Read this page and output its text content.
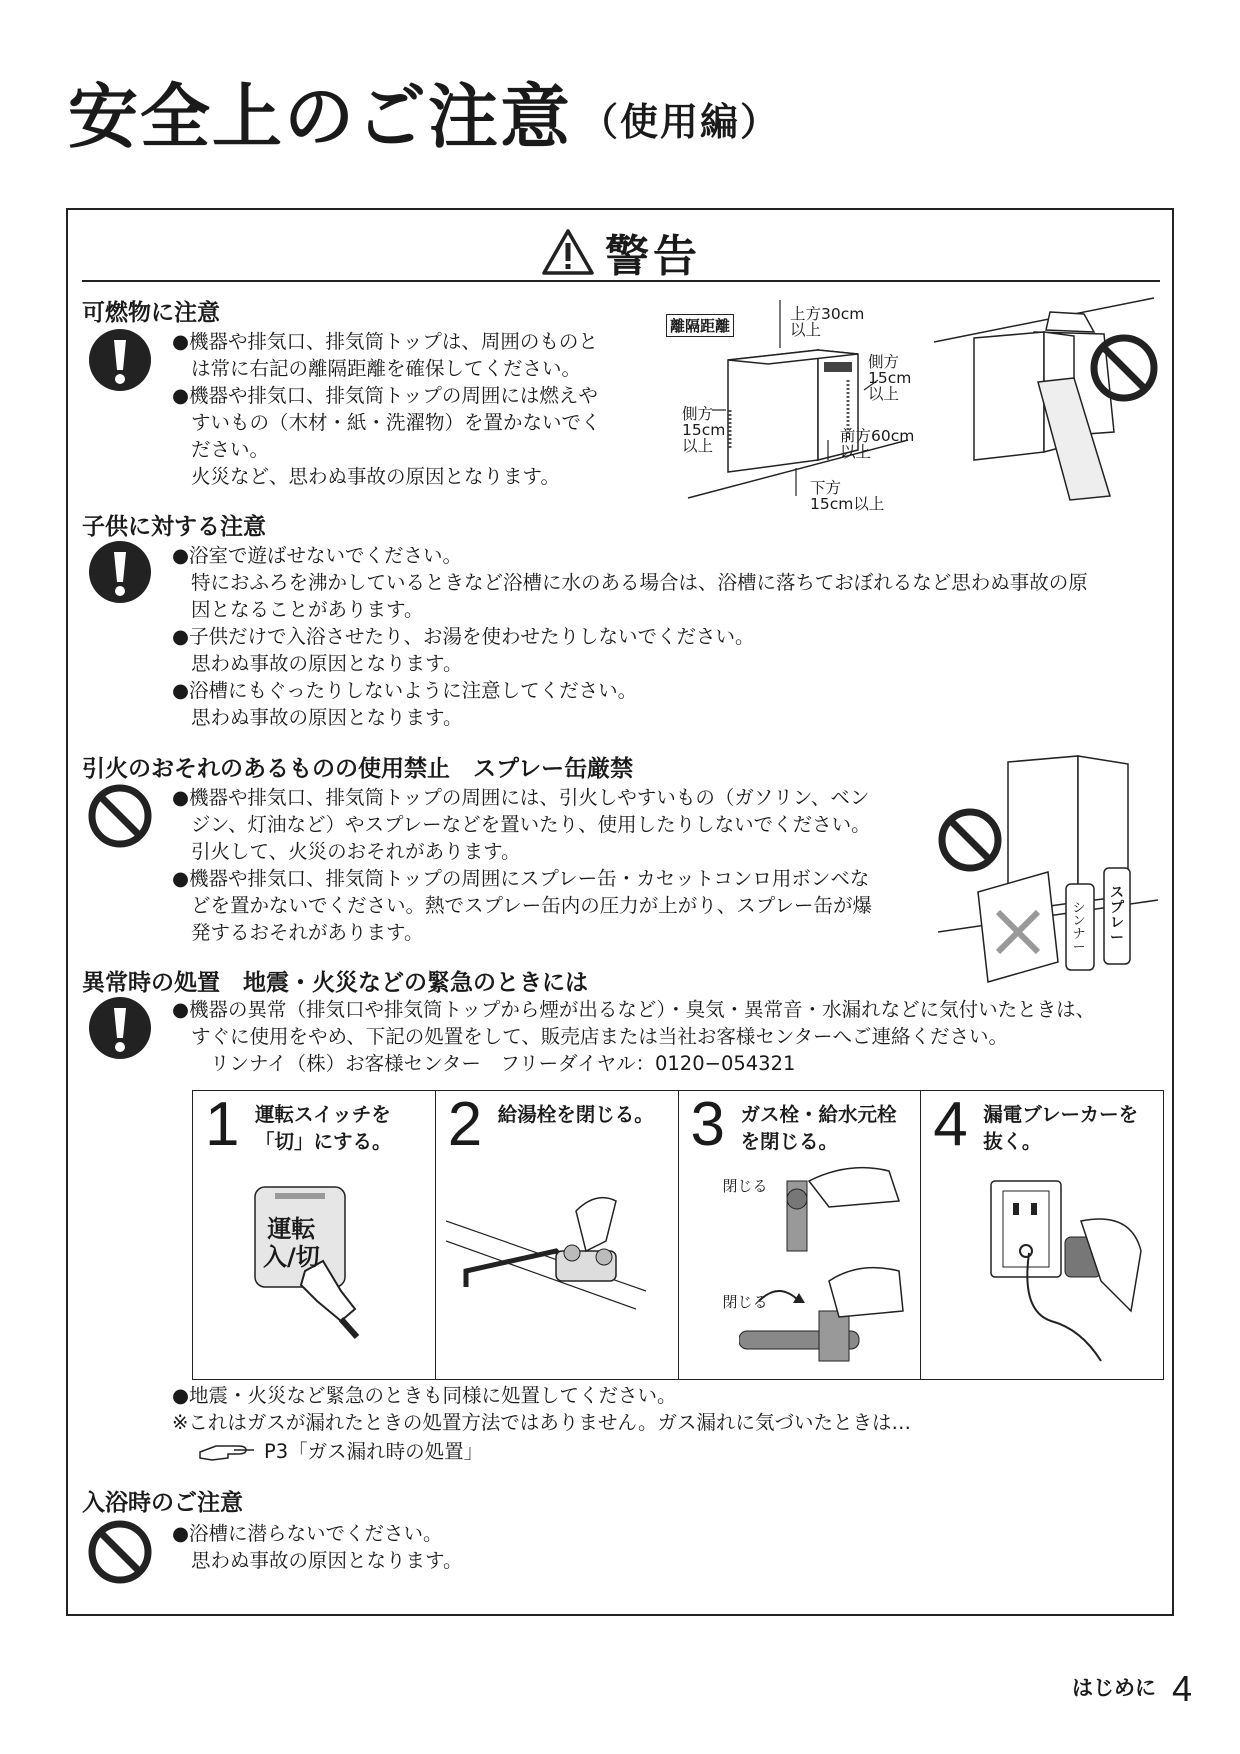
安全上のご注意 （使用編）
警告
可燃物に注意
●機器や排気口、排気筒トップは、周囲のものと
は常に右記の離隔距離を確保してください。
●機器や排気口、排気筒トップの周囲には燃えや
すいもの（木材・紙・洗濯物）を置かないでく
ださい。
火災など、思わぬ事故の原因となります。
離隔距離
上方30cm
以上
側方
15cm
以上
側方
15cm
以上
前方60cm
以上
下方
15cm以上
子供に対する注意
●浴室で遊ばせないでください。
特におふろを沸かしているときなど浴槽に水のある場合は、浴槽に落ちておぼれるなど思わぬ事故の原
因となることがあります。
●子供だけで入浴させたり、お湯を使わせたりしないでください。
思わぬ事故の原因となります。
●浴槽にもぐったりしないように注意してください。
思わぬ事故の原因となります。
引火のおそれのあるものの使用禁止　スプレー缶厳禁
●機器や排気口、排気筒トップの周囲には、引火しやすいもの（ガソリン、ベン
ジン、灯油など）やスプレーなどを置いたり、使用したりしないでください。
引火して、火災のおそれがあります。
●機器や排気口、排気筒トップの周囲にスプレー缶・カセットコンロ用ボンベな
どを置かないでください。熱でスプレー缶内の圧力が上がり、スプレー缶が爆
発するおそれがあります。
シンナー
スプレー
異常時の処置　地震・火災などの緊急のときには
●機器の異常（排気口や排気筒トップから煙が出るなど）・臭気・異常音・水漏れなどに気付いたときは、
すぐに使用をやめ、下記の処置をして、販売店または当社お客様センターへご連絡ください。
リンナイ（株）お客様センター　フリーダイヤル：0120−054321
1 運転スイッチを
「切」にする。
運転
入/切
2 給湯栓を閉じる。 3 ガス栓・給水元栓
を閉じる。
閉じる
閉じる
4 漏電ブレーカーを
抜く。
●地震・火災など緊急のときも同様に処置してください。
※これはガスが漏れたときの処置方法ではありません。ガス漏れに気づいたときは…
P3「ガス漏れ時の処置」
入浴時のご注意
●浴槽に潜らないでください。
思わぬ事故の原因となります。
はじめに 4
